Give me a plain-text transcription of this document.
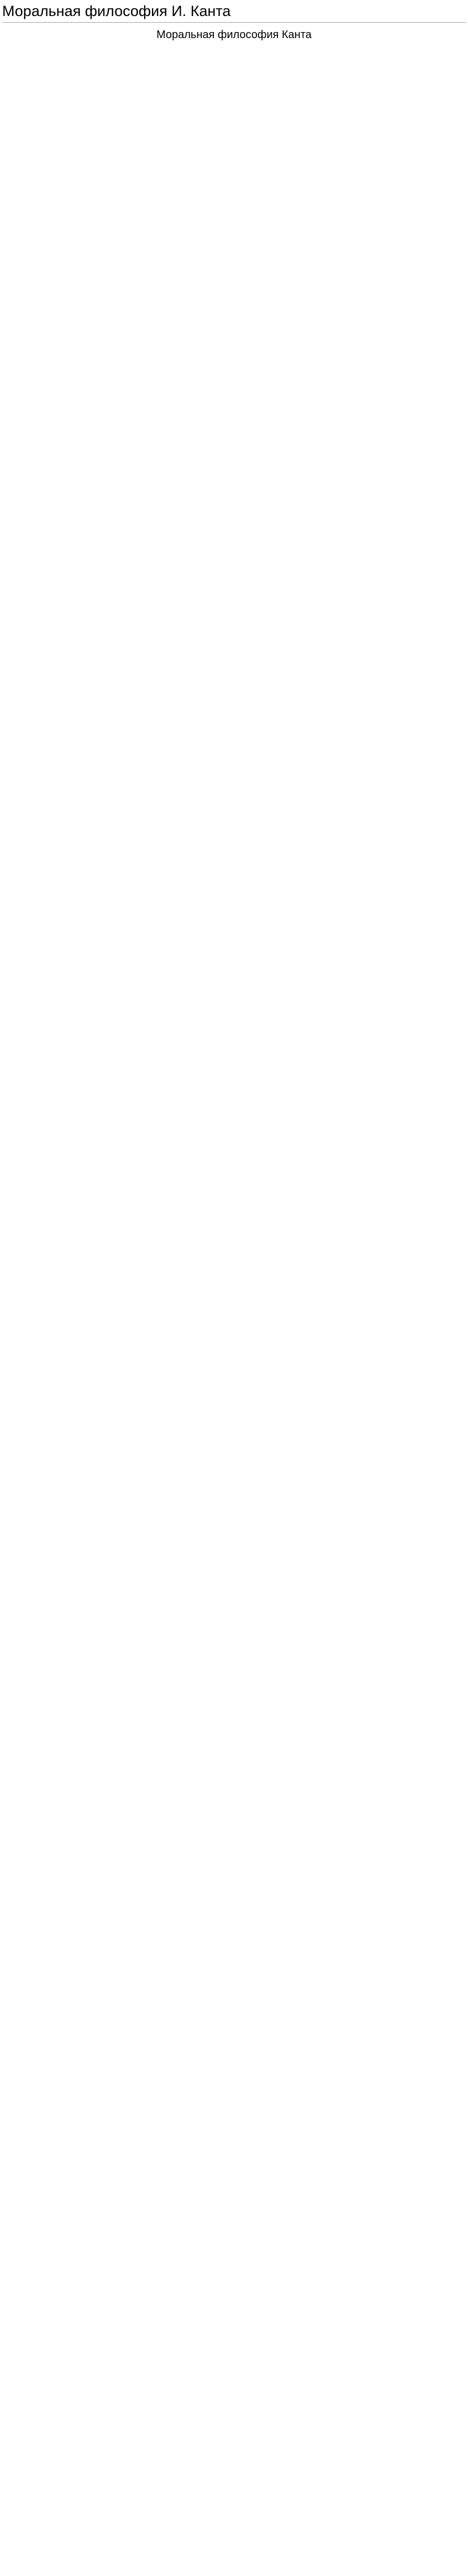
Моральная философия И. Канта
Моральная философия Канта
